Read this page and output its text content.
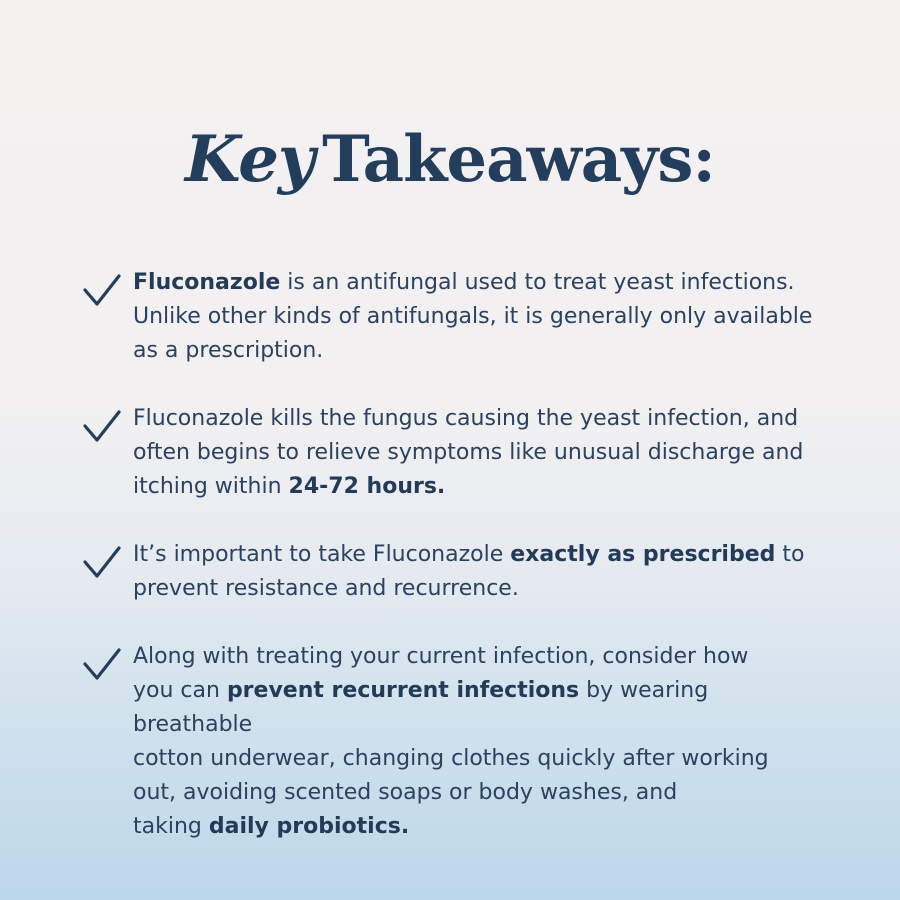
Key Takeaways:
Fluconazole is an antifungal used to treat yeast infections.
Unlike other kinds of antifungals, it is generally only available
as a prescription.
Fluconazole kills the fungus causing the yeast infection, and
often begins to relieve symptoms like unusual discharge and
itching within 24-72 hours.
It’s important to take Fluconazole exactly as prescribed to
prevent resistance and recurrence.
Along with treating your current infection, consider how
you can prevent recurrent infections by wearing breathable
cotton underwear, changing clothes quickly after working
out, avoiding scented soaps or body washes, and
taking daily probiotics.
